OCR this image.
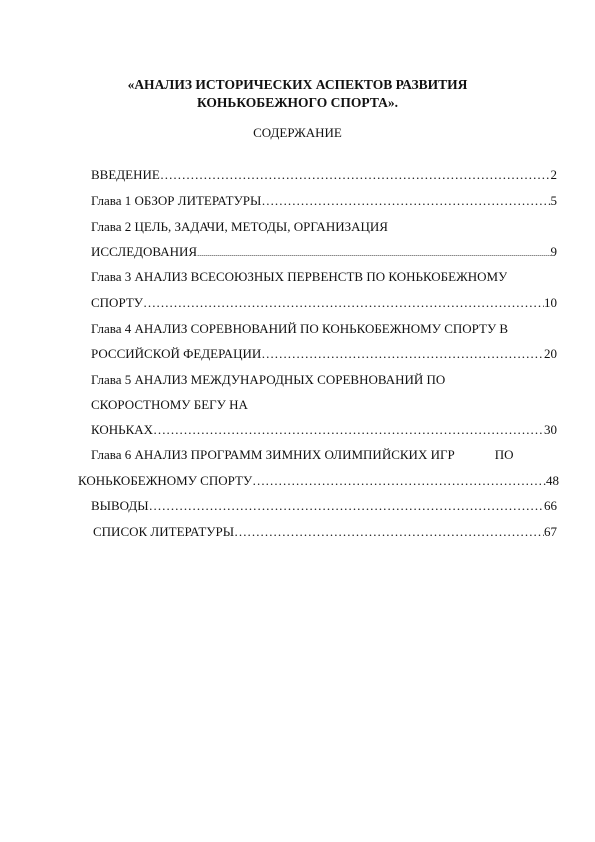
«АНАЛИЗ ИСТОРИЧЕСКИХ АСПЕКТОВ РАЗВИТИЯ
КОНЬКОБЕЖНОГО СПОРТА».
СОДЕРЖАНИЕ
ВВЕДЕНИЕ ……………………………………………………………………………………………………………………………………………………………………	2
Глава 1 ОБЗОР ЛИТЕРАТУРЫ ……………………………………………………………………………………………………………………………………………………………………	5
Глава 2 ЦЕЛЬ, ЗАДАЧИ, МЕТОДЫ, ОРГАНИЗАЦИЯ
ИССЛЕДОВАНИЯ .....	9
Глава 3 АНАЛИЗ ВСЕСОЮЗНЫХ ПЕРВЕНСТВ ПО КОНЬКОБЕЖНОМУ
СПОРТУ ……………………………………………………………………………………………………………………………………………………………………	10
Глава 4 АНАЛИЗ СОРЕВНОВАНИЙ ПО КОНЬКОБЕЖНОМУ СПОРТУ В
РОССИЙСКОЙ ФЕДЕРАЦИИ ……………………………………………………………………………………………………………………………………………………………………	20
Глава 5 АНАЛИЗ МЕЖДУНАРОДНЫХ СОРЕВНОВАНИЙ ПО
СКОРОСТНОМУ БЕГУ НА
КОНЬКАХ ……………………………………………………………………………………………………………………………………………………………………	30
Глава 6 АНАЛИЗ ПРОГРАММ ЗИМНИХ ОЛИМПИЙСКИХ ИГР	ПО
КОНЬКОБЕЖНОМУ СПОРТУ ……………………………………………………………………………………………………………………………………………………………………	48
ВЫВОДЫ ……………………………………………………………………………………………………………………………………………………………………	66
СПИСОК ЛИТЕРАТУРЫ ……………………………………………………………………………………………………………………………………………………………………	67
